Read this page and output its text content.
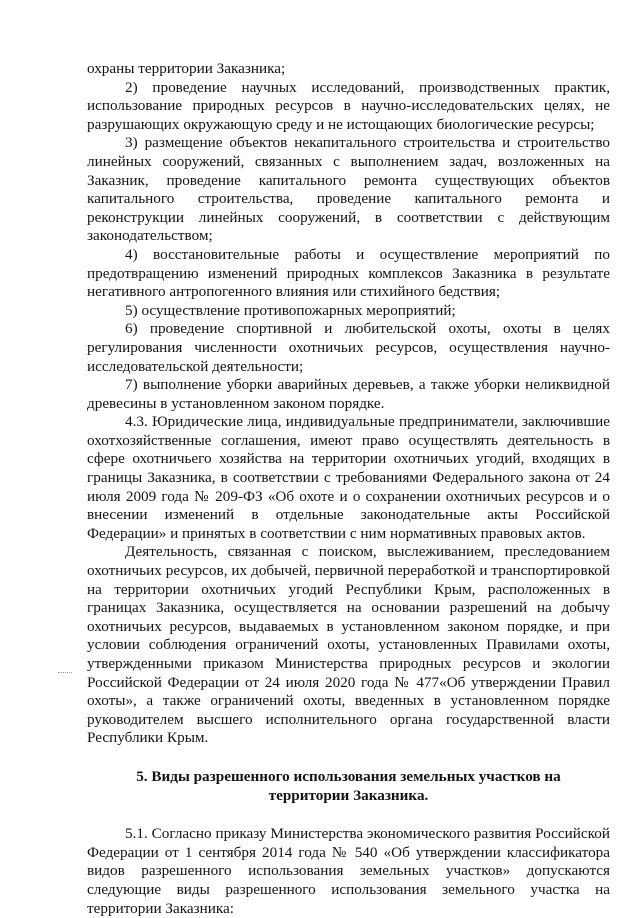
охраны территории Заказника;

2) проведение научных исследований, производственных практик, использование природных ресурсов в научно-исследовательских целях, не разрушающих окружающую среду и не истощающих биологические ресурсы;

3) размещение объектов некапитального строительства и строительство линейных сооружений, связанных с выполнением задач, возложенных на Заказник, проведение капитального ремонта существующих объектов капитального строительства, проведение капитального ремонта и реконструкции линейных сооружений, в соответствии с действующим законодательством;

4) восстановительные работы и осуществление мероприятий по предотвращению изменений природных комплексов Заказника в результате негативного антропогенного влияния или стихийного бедствия;

5) осуществление противопожарных мероприятий;

6) проведение спортивной и любительской охоты, охоты в целях регулирования численности охотничьих ресурсов, осуществления научно-исследовательской деятельности;

7) выполнение уборки аварийных деревьев, а также уборки неликвидной древесины в установленном законом порядке.

4.3. Юридические лица, индивидуальные предприниматели, заключившие охотхозяйственные соглашения, имеют право осуществлять деятельность в сфере охотничьего хозяйства на территории охотничьих угодий, входящих в границы Заказника, в соответствии с требованиями Федерального закона от 24 июля 2009 года № 209-ФЗ «Об охоте и о сохранении охотничьих ресурсов и о внесении изменений в отдельные законодательные акты Российской Федерации» и принятых в соответствии с ним нормативных правовых актов.

Деятельность, связанная с поиском, выслеживанием, преследованием охотничьих ресурсов, их добычей, первичной переработкой и транспортировкой на территории охотничьих угодий Республики Крым, расположенных в границах Заказника, осуществляется на основании разрешений на добычу охотничьих ресурсов, выдаваемых в установленном законом порядке, и при условии соблюдения ограничений охоты, установленных Правилами охоты, утвержденными приказом Министерства природных ресурсов и экологии Российской Федерации от 24 июля 2020 года № 477«Об утверждении Правил охоты», а также ограничений охоты, введенных в установленном порядке руководителем высшего исполнительного органа государственной власти Республики Крым.

5. Виды разрешенного использования земельных участков на территории Заказника.

5.1. Согласно приказу Министерства экономического развития Российской Федерации от 1 сентября 2014 года № 540 «Об утверждении классификатора видов разрешенного использования земельных участков» допускаются следующие виды разрешенного использования земельного участка на территории Заказника:
